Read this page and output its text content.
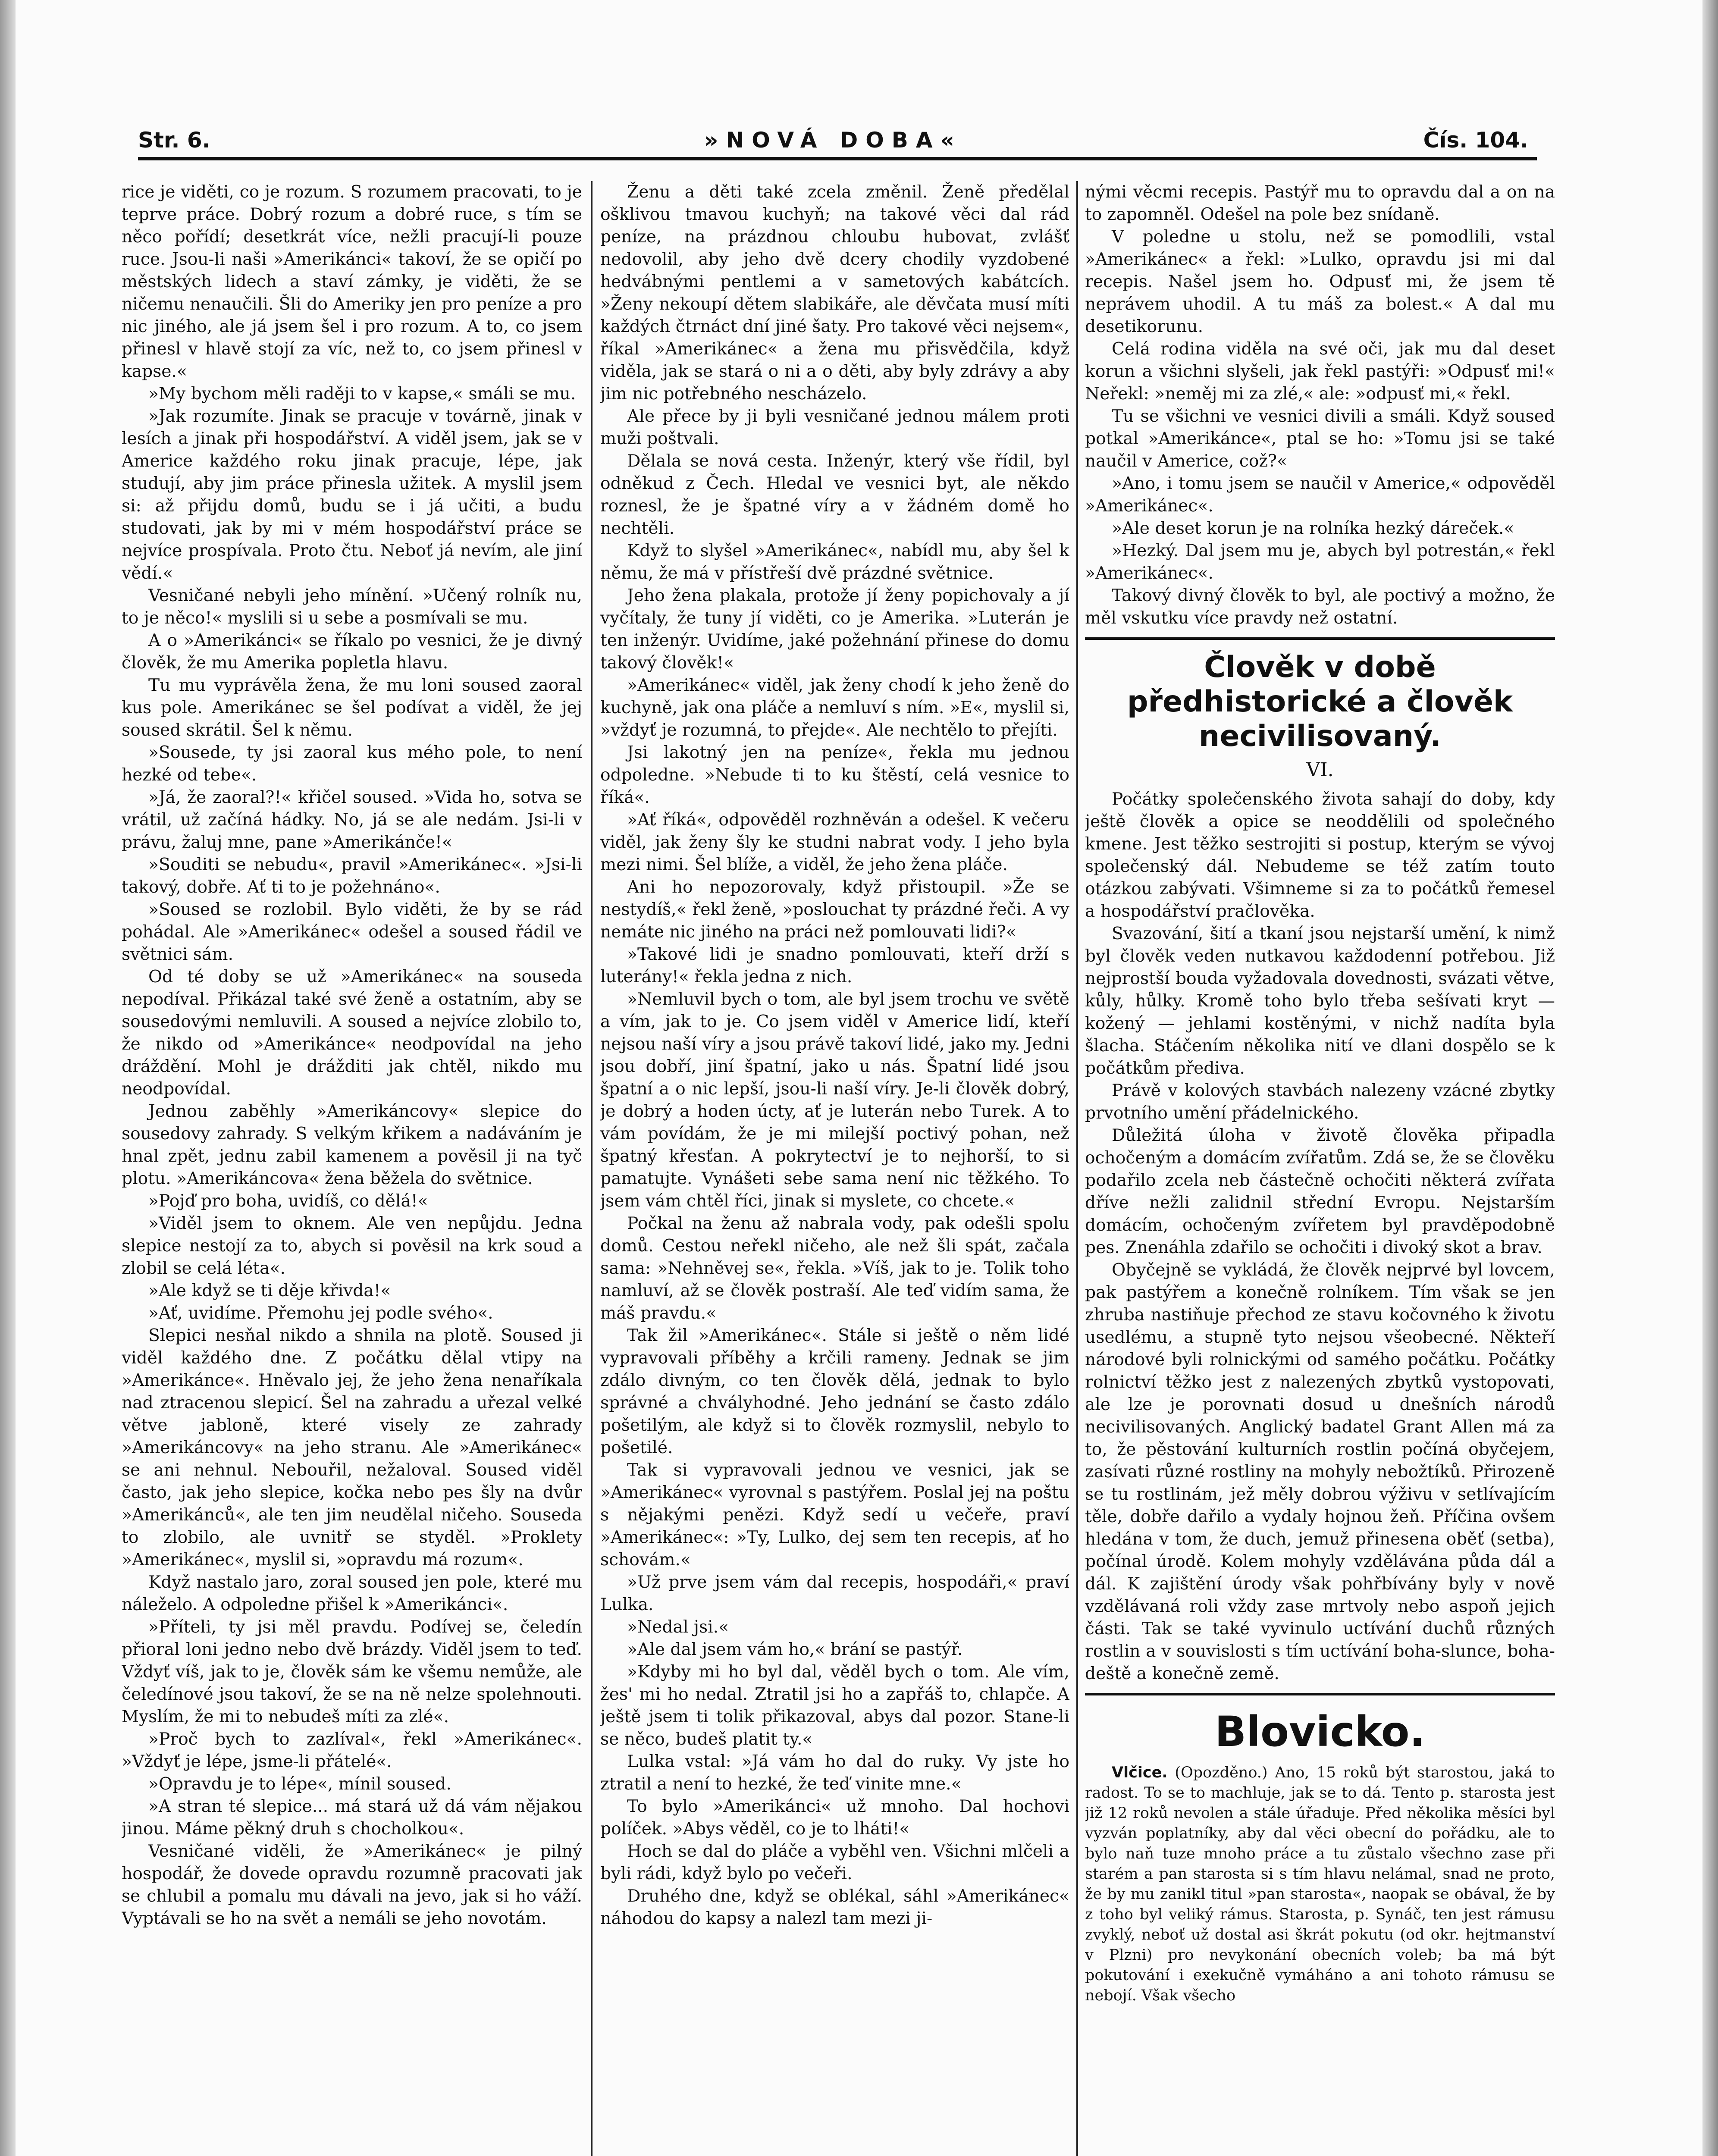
Str. 6.	»NOVÁ DOBA«	Čís. 104.

rice je viděti, co je rozum. S rozumem pracovati, to je teprve práce. Dobrý rozum a dobré ruce, s tím se něco pořídí; desetkrát více, nežli pracují-li pouze ruce. Jsou-li naši »Amerikánci« takoví, že se opičí po městských lidech a staví zámky, je viděti, že se ničemu nenaučili. Šli do Ameriky jen pro peníze a pro nic jiného, ale já jsem šel i pro rozum. A to, co jsem přinesl v hlavě stojí za víc, než to, co jsem přinesl v kapse.«

»My bychom měli raději to v kapse,« smáli se mu.

»Jak rozumíte. Jinak se pracuje v továrně, jinak v lesích a jinak při hospodářství. A viděl jsem, jak se v Americe každého roku jinak pracuje, lépe, jak studují, aby jim práce přinesla užitek. A myslil jsem si: až přijdu domů, budu se i já učiti, a budu studovati, jak by mi v mém hospodářství práce se nejvíce prospívala. Proto čtu. Neboť já nevím, ale jiní vědí.«

Vesničané nebyli jeho mínění. »Učený rolník nu, to je něco!« myslili si u sebe a posmívali se mu.

A o »Amerikánci« se říkalo po vesnici, že je divný člověk, že mu Amerika popletla hlavu.

Tu mu vyprávěla žena, že mu loni soused zaoral kus pole. Amerikánec se šel podívat a viděl, že jej soused skrátil. Šel k němu.

»Sousede, ty jsi zaoral kus mého pole, to není hezké od tebe«.

»Já, že zaoral?!« křičel soused. »Vida ho, sotva se vrátil, už začíná hádky. No, já se ale nedám. Jsi-li v právu, žaluj mne, pane »Amerikánče!«

»Souditi se nebudu«, pravil »Amerikánec«. »Jsi-li takový, dobře. Ať ti to je požehnáno«.

»Soused se rozlobil. Bylo viděti, že by se rád pohádal. Ale »Amerikánec« odešel a soused řádil ve světnici sám.

Od té doby se už »Amerikánec« na souseda nepodíval. Přikázal také své ženě a ostatním, aby se sousedovými nemluvili. A soused a nejvíce zlobilo to, že nikdo od »Amerikánce« neodpovídal na jeho dráždění. Mohl je drážditi jak chtěl, nikdo mu neodpovídal.

Jednou zaběhly »Amerikáncovy« slepice do sousedovy zahrady. S velkým křikem a nadáváním je hnal zpět, jednu zabil kamenem a pověsil ji na tyč plotu. »Amerikáncova« žena běžela do světnice.

»Pojď pro boha, uvidíš, co dělá!«

»Viděl jsem to oknem. Ale ven nepůjdu. Jedna slepice nestojí za to, abych si pověsil na krk soud a zlobil se celá léta«.

»Ale když se ti děje křivda!«

»Ať, uvidíme. Přemohu jej podle svého«.

Slepici nesňal nikdo a shnila na plotě. Soused ji viděl každého dne. Z počátku dělal vtipy na »Amerikánce«. Hněvalo jej, že jeho žena nenaříkala nad ztracenou slepicí. Šel na zahradu a uřezal velké větve jabloně, které visely ze zahrady »Amerikáncovy« na jeho stranu. Ale »Amerikánec« se ani nehnul. Nebouřil, nežaloval. Soused viděl často, jak jeho slepice, kočka nebo pes šly na dvůr »Amerikánců«, ale ten jim neudělal ničeho. Souseda to zlobilo, ale uvnitř se styděl. »Proklety »Amerikánec«, myslil si, »opravdu má rozum«.

Když nastalo jaro, zoral soused jen pole, které mu náleželo. A odpoledne přišel k »Amerikánci«.

»Příteli, ty jsi měl pravdu. Podívej se, čeledín přioral loni jedno nebo dvě brázdy. Viděl jsem to teď. Vždyť víš, jak to je, člověk sám ke všemu nemůže, ale čeledínové jsou takoví, že se na ně nelze spolehnouti. Myslím, že mi to nebudeš míti za zlé«.

»Proč bych to zazlíval«, řekl »Amerikánec«. »Vždyť je lépe, jsme-li přátelé«.

»Opravdu je to lépe«, mínil soused.

»A stran té slepice... má stará už dá vám nějakou jinou. Máme pěkný druh s chocholkou«.

Vesničané viděli, že »Amerikánec« je pilný hospodář, že dovede opravdu rozumně pracovati jak se chlubil a pomalu mu dávali na jevo, jak si ho váží. Vyptávali se ho na svět a nemáli se jeho novotám.

Ženu a děti také zcela změnil. Ženě předělal ošklivou tmavou kuchyň; na takové věci dal rád peníze, na prázdnou chloubu hubovat, zvlášť nedovolil, aby jeho dvě dcery chodily vyzdobené hedvábnými pentlemi a v sametových kabátcích. »Ženy nekoupí dětem slabikáře, ale děvčata musí míti každých čtrnáct dní jiné šaty. Pro takové věci nejsem«, říkal »Amerikánec« a žena mu přisvědčila, když viděla, jak se stará o ni a o děti, aby byly zdrávy a aby jim nic potřebného nescházelo.

Ale přece by ji byli vesničané jednou málem proti muži poštvali.

Dělala se nová cesta. Inženýr, který vše řídil, byl odněkud z Čech. Hledal ve vesnici byt, ale někdo roznesl, že je špatné víry a v žádném domě ho nechtěli.

Když to slyšel »Amerikánec«, nabídl mu, aby šel k němu, že má v přístřeší dvě prázdné světnice.

Jeho žena plakala, protože jí ženy popichovaly a jí vyčítaly, že tuny jí viděti, co je Amerika. »Luterán je ten inženýr. Uvidíme, jaké požehnání přinese do domu takový člověk!«

»Amerikánec« viděl, jak ženy chodí k jeho ženě do kuchyně, jak ona pláče a nemluví s ním. »E«, myslil si, »vždyť je rozumná, to přejde«. Ale nechtělo to přejíti.

Jsi lakotný jen na peníze«, řekla mu jednou odpoledne. »Nebude ti to ku štěstí, celá vesnice to říká«.

»Ať říká«, odpověděl rozhněván a odešel. K večeru viděl, jak ženy šly ke studni nabrat vody. I jeho byla mezi nimi. Šel blíže, a viděl, že jeho žena pláče.

Ani ho nepozorovaly, když přistoupil. »Že se nestydíš,« řekl ženě, »poslouchat ty prázdné řeči. A vy nemáte nic jiného na práci než pomlouvati lidi?«

»Takové lidi je snadno pomlouvati, kteří drží s luterány!« řekla jedna z nich.

»Nemluvil bych o tom, ale byl jsem trochu ve světě a vím, jak to je. Co jsem viděl v Americe lidí, kteří nejsou naší víry a jsou právě takoví lidé, jako my. Jedni jsou dobří, jiní špatní, jako u nás. Špatní lidé jsou špatní a o nic lepší, jsou-li naší víry. Je-li člověk dobrý, je dobrý a hoden úcty, ať je luterán nebo Turek. A to vám povídám, že je mi milejší poctivý pohan, než špatný křesťan. A pokrytectví je to nejhorší, to si pamatujte. Vynášeti sebe sama není nic těžkého. To jsem vám chtěl říci, jinak si myslete, co chcete.«

Počkal na ženu až nabrala vody, pak odešli spolu domů. Cestou neřekl ničeho, ale než šli spát, začala sama: »Nehněvej se«, řekla. »Víš, jak to je. Tolik toho namluví, až se člověk postraší. Ale teď vidím sama, že máš pravdu.«

Tak žil »Amerikánec«. Stále si ještě o něm lidé vypravovali příběhy a krčili rameny. Jednak se jim zdálo divným, co ten člověk dělá, jednak to bylo správné a chvályhodné. Jeho jednání se často zdálo pošetilým, ale když si to člověk rozmyslil, nebylo to pošetilé.

Tak si vypravovali jednou ve vesnici, jak se »Amerikánec« vyrovnal s pastýřem. Poslal jej na poštu s nějakými penězi. Když sedí u večeře, praví »Amerikánec«: »Ty, Lulko, dej sem ten recepis, ať ho schovám.«

»Už prve jsem vám dal recepis, hospodáři,« praví Lulka.

»Nedal jsi.«

»Ale dal jsem vám ho,« brání se pastýř.

»Kdyby mi ho byl dal, věděl bych o tom. Ale vím, žes' mi ho nedal. Ztratil jsi ho a zapřáš to, chlapče. A ještě jsem ti tolik přikazoval, abys dal pozor. Stane-li se něco, budeš platit ty.«

Lulka vstal: »Já vám ho dal do ruky. Vy jste ho ztratil a není to hezké, že teď vinite mne.«

To bylo »Amerikánci« už mnoho. Dal hochovi políček. »Abys věděl, co je to lháti!«

Hoch se dal do pláče a vyběhl ven. Všichni mlčeli a byli rádi, když bylo po večeři.

Druhého dne, když se oblékal, sáhl »Amerikánec« náhodou do kapsy a nalezl tam mezi ji-

nými věcmi recepis. Pastýř mu to opravdu dal a on na to zapomněl. Odešel na pole bez snídaně.

V poledne u stolu, než se pomodlili, vstal »Amerikánec« a řekl: »Lulko, opravdu jsi mi dal recepis. Našel jsem ho. Odpusť mi, že jsem tě neprávem uhodil. A tu máš za bolest.« A dal mu desetikorunu.

Celá rodina viděla na své oči, jak mu dal deset korun a všichni slyšeli, jak řekl pastýři: »Odpusť mi!« Neřekl: »neměj mi za zlé,« ale: »odpusť mi,« řekl.

Tu se všichni ve vesnici divili a smáli. Když soused potkal »Amerikánce«, ptal se ho: »Tomu jsi se také naučil v Americe, což?«

»Ano, i tomu jsem se naučil v Americe,« odpověděl »Amerikánec«.

»Ale deset korun je na rolníka hezký dáreček.«

»Hezký. Dal jsem mu je, abych byl potrestán,« řekl »Amerikánec«.

Takový divný člověk to byl, ale poctivý a možno, že měl vskutku více pravdy než ostatní.

Člověk v době předhistorické a člověk necivilisovaný.
VI.

Počátky společenského života sahají do doby, kdy ještě člověk a opice se neoddělili od společného kmene. Jest těžko sestrojiti si postup, kterým se vývoj společenský dál. Nebudeme se též zatím touto otázkou zabývati. Všimneme si za to počátků řemesel a hospodářství pračlověka.

Svazování, šití a tkaní jsou nejstarší umění, k nimž byl člověk veden nutkavou každodenní potřebou. Již nejprostší bouda vyžadovala dovednosti, svázati větve, kůly, hůlky. Kromě toho bylo třeba sešívati kryt — kožený — jehlami kostěnými, v nichž nadíta byla šlacha. Stáčením několika nití ve dlani dospělo se k počátkům přediva.

Právě v kolových stavbách nalezeny vzácné zbytky prvotního umění přádelnického.

Důležitá úloha v životě člověka připadla ochočeným a domácím zvířatům. Zdá se, že se člověku podařilo zcela neb částečně ochočiti některá zvířata dříve nežli zalidnil střední Evropu. Nejstarším domácím, ochočeným zvířetem byl pravděpodobně pes. Znenáhla zdařilo se ochočiti i divoký skot a brav.

Obyčejně se vykládá, že člověk nejprvé byl lovcem, pak pastýřem a konečně rolníkem. Tím však se jen zhruba nastiňuje přechod ze stavu kočovného k životu usedlému, a stupně tyto nejsou všeobecné. Někteří národové byli rolnickými od samého počátku. Počátky rolnictví těžko jest z nalezených zbytků vystopovati, ale lze je porovnati dosud u dnešních národů necivilisovaných. Anglický badatel Grant Allen má za to, že pěstování kulturních rostlin počíná obyčejem, zasívati různé rostliny na mohyly nebožtíků. Přirozeně se tu rostlinám, jež měly dobrou výživu v setlívajícím těle, dobře dařilo a vydaly hojnou žeň. Příčina ovšem hledána v tom, že duch, jemuž přinesena oběť (setba), počínal úrodě. Kolem mohyly vzdělávána půda dál a dál. K zajištění úrody však pohřbívány byly v nově vzdělávaná roli vždy zase mrtvoly nebo aspoň jejich části. Tak se také vyvinulo uctívání duchů různých rostlin a v souvislosti s tím uctívání boha-slunce, boha-deště a konečně země.

Blovicko.

Vlčice. (Opozděno.) Ano, 15 roků být starostou, jaká to radost. To se to machluje, jak se to dá. Tento p. starosta jest již 12 roků nevolen a stále úřaduje. Před několika měsíci byl vyzván poplatníky, aby dal věci obecní do pořádku, ale to bylo naň tuze mnoho práce a tu zůstalo všechno zase při starém a pan starosta si s tím hlavu nelámal, snad ne proto, že by mu zanikl titul »pan starosta«, naopak se obával, že by z toho byl veliký rámus. Starosta, p. Synáč, ten jest rámusu zvyklý, neboť už dostal asi škrát pokutu (od okr. hejtmanství v Plzni) pro nevykonání obecních voleb; ba má být pokutování i exekučně vymáháno a ani tohoto rámusu se nebojí. Však všecho
